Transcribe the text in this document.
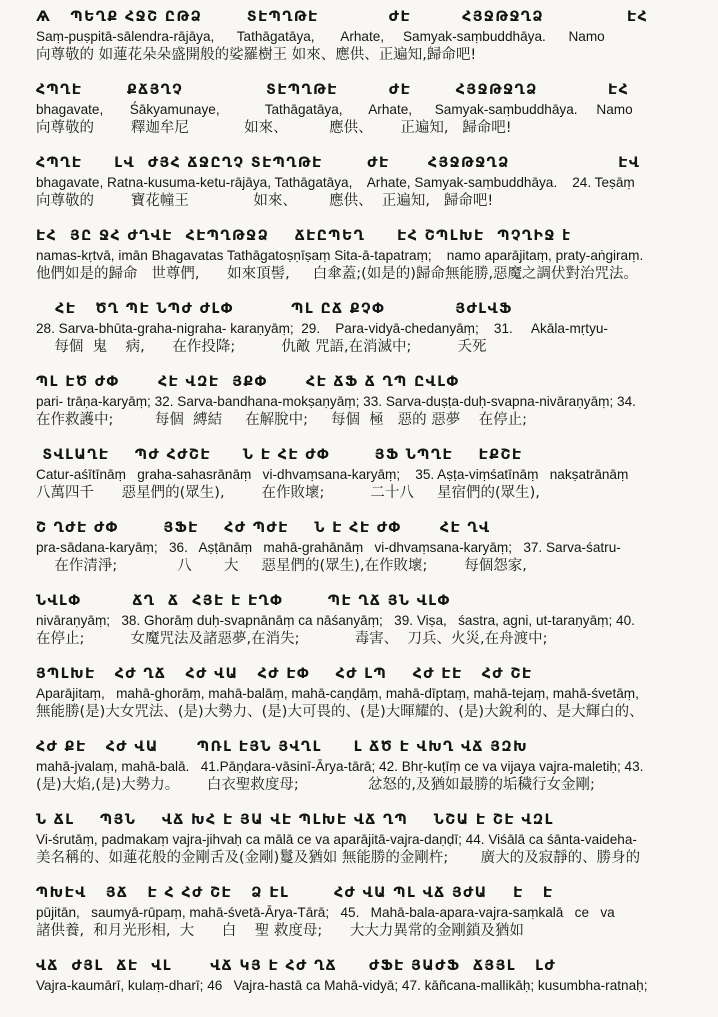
Ѧ   ՊԵՂՔ ՀՋՇ ԸԹՁ       ՏԷՊՂԹԷ           ԺԷ        ՀՅՋԹՋՂՁ             ԷՀ
Saṃ-puṣpitā-sālendra-rājāya,      Tathāgatāya,       Arhate,     Samyak-saṃbuddhāya.      Namo
向尊敬的 如蓮花朵朵盛開般的娑羅樹王 如來、應供、正遍知,歸命吧!
ՀՊՂԷ       ՔՃՅՂՉ             ՏԷՊՂԹԷ        ԺԷ       ՀՅՋԹՋՂՁ           ԷՀ
bhagavate,       Śākyamunaye,            Tathāgatāya,       Arhate,      Samyak-saṃbuddhāya.     Namo
向尊敬的        釋迦牟尼            如來、         應供、      正遍知,   歸命吧!
ՀՊՂԷ     ԼՎ  ԺՅՀ ՃՋԸՂՉ ՏԷՊՂԹԷ       ԺԷ      ՀՅՋԹՋՂՁ                 ԷՎ
bhagavate, Ratna-kusuma-ketu-rājāya, Tathāgatāya,    Arhate, Samyak-saṃbuddhāya.    24. Teṣāṃ
向尊敬的        寶花幢王              如來、       應供、  正遍知,   歸命吧!
ԷՀ  ՅԸ ՋՀ ԺՂՎԷ  ՀԷՊՂԹՋՁ    ՃԷԸՊԵՂ     ԷՀ ՇՊԼԽԷ  ՊՉՂԻՋ է
namas-kṛtvā, imān Bhagavatas Tathāgatoṣṇīṣaṃ Sita-ā-tapatraṃ;    namo aparājitaṃ, praty-aṅgiraṃ.
他們如是的歸命   世尊們,      如來頂髻,     白傘蓋;(如是的)歸命無能勝,惡魔之調伏對治咒法。
ՀԷ   ԾՂ ՊԷ ՆՊԺ ԺԼՓ         ՊԼ ԸՃ ՔՉՓ           ՅԺԼՎՖ
28. Sarva-bhūta-graha-nigraha- karaṇyāṃ;  29.    Para-vidyā-chedanyāṃ;    31.     Akāla-mṛtyu-
每個  鬼    病,      在作投降;          仇敵 咒語,在消滅中;          夭死
ՊԼ ԷԾ ԺՓ      ՀԷ ՎԶԷ  ՅՔՓ      ՀԷ ՃՖ Ճ ՂՊ ԸՎԼՓ
pari- trāṇa-karyāṃ; 32. Sarva-bandhana-mokṣaṇyāṃ; 33. Sarva-duṣṭa-duḥ-svapna-nivāraṇyāṃ; 34.
在作救護中;         每個  縛結     在解脫中;     每個  極   惡的 惡夢    在停止;
ՏՎԼԱՂԷ    ՊԺ ՀԺՇԷ     Ն Է ՀԷ ԺՓ       ՅՖ ՆՊՂԷ    ԷՔՇԷ
Catur-aśītīnāṃ   graha-sahasrānāṃ   vi-dhvaṃsana-karyāṃ;    35. Aṣṭa-viṃśatīnāṃ   nakṣatrānāṃ
八萬四千      惡星們的(眾生),        在作敗壞;          二十八     星宿們的(眾生),
Շ ՂԺԷ ԺՓ       ՅՖԷ    ՀԺ ՊԺԷ    Ն Է ՀԷ ԺՓ      ՀԷ ՂՎ
pra-sādana-karyāṃ;   36.   Aṣṭānāṃ   mahā-grahānāṃ   vi-dhvaṃsana-karyāṃ;   37. Sarva-śatru-
在作清淨;             八       大     惡星們的(眾生),在作敗壞;        每個怨家,
ՆՎԼՓ        ՃՂ  Ճ  ՀՅԷ Է ԷՂՓ       ՊԷ ՂՃ ՅՆ ՎԼՓ
nivāraṇyāṃ;   38. Ghorāṃ duḥ-svapnānāṃ ca nāśanyāṃ;   39. Viṣa,   śastra, agni, ut-taraṇyāṃ; 40.
在停止;          女魔咒法及諸惡夢,在消失;            毒害、  刀兵、火災,在舟渡中;
ՅՊԼԽԷ   ՀԺ ՂՃ   ՀԺ ՎԱ   ՀԺ ԷՓ    ՀԺ ԼՊ    ՀԺ ԷԷ   ՀԺ ՇԷ
Aparājitaṃ,   mahā-ghorāṃ, mahā-balāṃ, mahā-caṇḍāṃ, mahā-dīptaṃ, mahā-tejaṃ, mahā-śvetāṃ,
無能勝(是)大女咒法、(是)大勢力、(是)大可畏的、(是)大暉耀的、(是)大銳利的、是大輝白的、
ՀԺ ՔԷ   ՀԺ ՎԱ      ՊՌԼ ԷՅՆ ՅՎՂԼ     Լ ՃԾ Է ՎԽՂ ՎՃ ՅԶԽ
mahā-jvalaṃ, mahā-balā.   41.Pāṇḍara-vāsinī-Ārya-tārā; 42. Bhṛ-kuṭīṃ ce va vijaya vajra-maletiḥ; 43.
(是)大焰,(是)大勢力。      白衣聖救度母;               忿怒的,及猶如最勝的垢穢行女金剛;
Ն ՃԼ    ՊՅՆ    ՎՃ ԽՀ Է ՅԱ ՎԷ ՊԼԽԷ ՎՃ ՂՊ    ՆՇԱ Է ՇԷ ՎԶԼ
Vi-śrutāṃ, padmakaṃ vajra-jihvaḥ ca mālā ce va aparājitā-vajra-daṇḍī; 44. Viśālā ca śānta-vaideha-
美名稱的、如蓮花般的金剛舌及(金剛)鬘及猶如 無能勝的金剛杵;       廣大的及寂靜的、勝身的
ՊԽԷՎ   ՅՃ   Է Հ ՀԺ ՇԷ   Ձ ԷԼ       ՀԺ ՎԱ ՊԼ ՎՃ ՅԺԱ    Է   Է
pūjitān,   saumyā-rūpaṃ, mahā-śvetā-Ārya-Tārā;   45.   Mahā-bala-apara-vajra-saṃkalā   ce   va
諸供養,  和月光形相,  大      白    聖 救度母;      大大力異常的金剛鎖及猶如
ՎՃ  ԺՅԼ  ՃԷ  ՎԼ      ՎՃ ԿՅ Է ՀԺ ՂՃ     ԺՖԷ ՅԱԺՖ  ՃՅՅԼ   ԼԺ
Vajra-kaumārī, kulaṃ-dharī; 46   Vajra-hastā ca Mahā-vidyā; 47. kāñcana-mallikāḥ; kusumbha-ratnaḥ;
